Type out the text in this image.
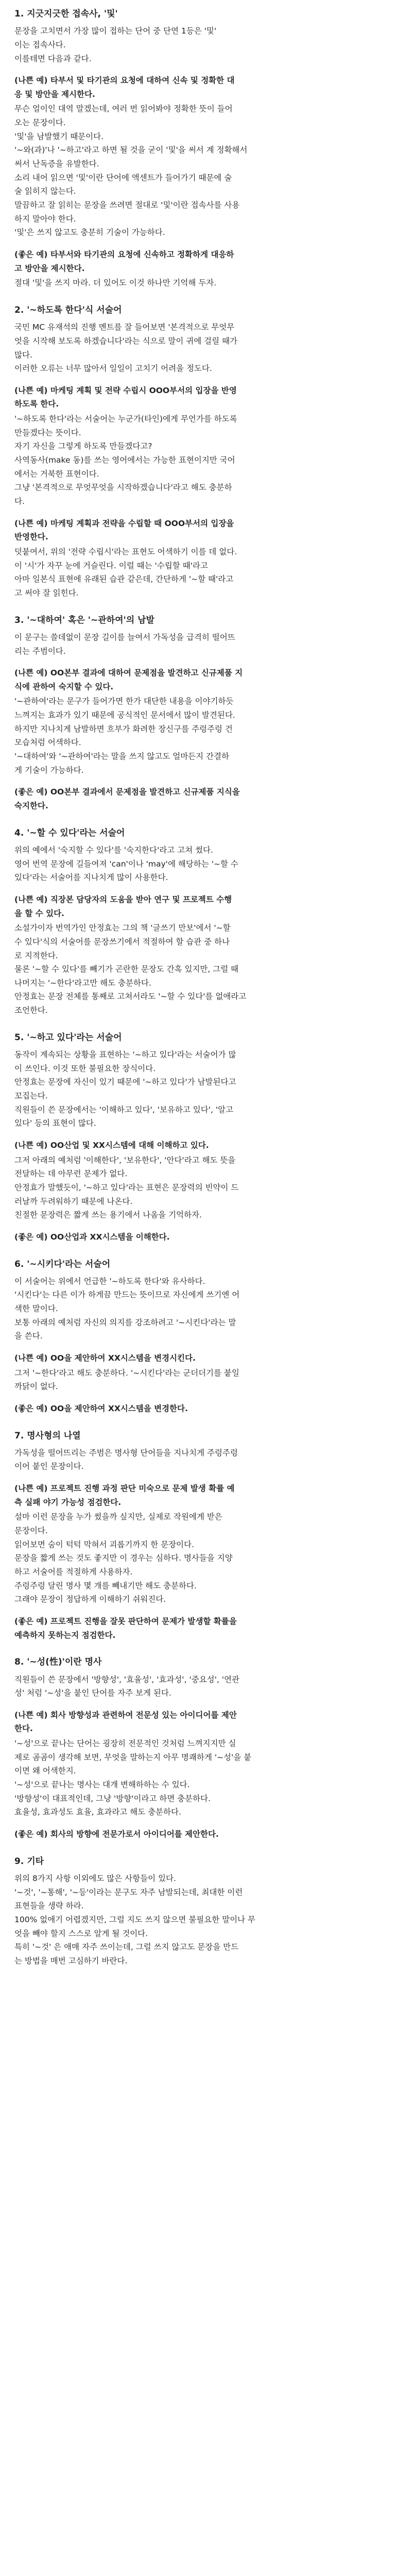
1. 지긋지긋한 접속사, '및'
문장을 고치면서 가장 많이 접하는 단어 중 단연 1등은 '및'
이는 접속사다.
이를테면 다음과 같다.
(나쁜 예) 타부서 및 타기관의 요청에 대하여 신속 및 정확한 대
응 및 방안을 제시한다.
무슨 얼이인 대역 말겠는데, 여러 번 읽어봐야 정확한 뜻이 들어
오는 문장이다.
'및'을 남발했기 때문이다.
'~와(과)'나 '~하고'라고 하면 될 것을 굳이 '및'을 써서 계 정확해서
써서 난독증을 유발한다.
소리 내어 읽으면 '및'이란 단어에 액센트가 들어가기 때문에 술
술 읽히지 않는다.
말끔하고 잘 읽히는 문장을 쓰려면 절대로 '및'이란 접속사를 사용
하지 말아야 한다.
'및'은 쓰지 않고도 충분히 기술이 가능하다.
(좋은 예) 타부서와 타기관의 요청에 신속하고 정확하게 대응하
고 방안을 제시한다.
절대 '및'을 쓰지 마라. 더 있어도 이것 하나만 기억해 두자.
2. '~하도록 한다'식 서술어
국민 MC 유재석의 진행 멘트를 잘 들어보면 '본격적으로 무엇무
엇을 시작해 보도록 하겠습니다'라는 식으로 말이 귀에 걸릴 때가
많다.
이러한 오류는 너무 많아서 일일이 고치기 어려울 정도다.
(나쁜 예) 마케팅 계획 및 전략 수립시 OOO부서의 입장을 반영
하도록 한다.
'~하도록 한다'라는 서술어는 누군가(타인)에게 무언가를 하도록
만들겠다는 뜻이다.
자기 자신을 그렇게 하도록 만들겠다고?
사역동사(make 동)를 쓰는 영어에서는 가능한 표현이지만 국어
에서는 거북한 표현이다.
그냥 '본격적으로 무엇무엇을 시작하겠습니다'라고 해도 충분하
다.
(나쁜 예) 마케팅 계획과 전략을 수립할 때 OOO부서의 입장을
반영한다.
덧붙여서, 위의 '전략 수립시'라는 표현도 어색하기 이를 데 없다.
이 '시'가 자꾸 눈에 거슬린다. 이럴 때는 '수립할 때'라고
아마 일본식 표현에 유래된 습관 같은데, 간단하게 '~할 때'라고
고 써야 잘 읽힌다.
3. '~대하여' 혹은 '~관하여'의 남발
이 문구는 쓸데없이 문장 길이를 늘여서 가독성을 급격히 떨어뜨
리는 주범이다.
(나쁜 예) OO본부 결과에 대하여 문제점을 발견하고 신규제품 지
식에 관하여 숙지할 수 있다.
'~관하여'라는 문구가 들어가면 한가 대단한 내용을 이야기하듯
느껴지는 효과가 있기 때문에 공식적인 문서에서 많이 발견된다.
하지만 지나치게 남발하면 흐부가 화려한 장신구를 주렁주렁 건
모습처럼 어색하다.
'~대하여'와 '~관하여'라는 말을 쓰지 않고도 얼마든지 간결하
게 기술이 가능하다.
(좋은 예) OO본부 결과에서 문제점을 발견하고 신규제품 지식을
숙지한다.
4. '~할 수 있다'라는 서술어
위의 예에서 '숙지할 수 있다'를 '숙지한다'라고 고쳐 썼다.
영어 번역 문장에 길들여져 'can'이나 'may'에 해당하는 '~할 수
있다'라는 서술어를 지나치게 많이 사용한다.
(나쁜 예) 직장본 담당자의 도움을 받아 연구 및 프로젝트 수행
을 할 수 있다.
소설가이자 번역가인 안정효는 그의 책 '글쓰기 만보'에서 '~할
수 있다'식의 서술어를 문장쓰기에서 적절하여 할 습관 중 하나
로 지적한다.
물론 '~할 수 있다'를 빼기가 곤란한 문장도 간혹 있지만, 그럴 때
나머지는 '~한다'라고만 해도 충분하다.
안정효는 문장 전체를 통째로 고쳐서라도 '~할 수 있다'를 없애라고
조언한다.
5. '~하고 있다'라는 서술어
동작이 계속되는 상황을 표현하는 '~하고 있다'라는 서술어가 많
이 쓰인다. 이것 또한 불필요한 장식이다.
안정효는 문장에 자신이 있기 때문에 '~하고 있다'가 남발된다고
꼬집는다.
직원들이 쓴 문장에서는 '이해하고 있다', '보유하고 있다', '알고
있다' 등의 표현이 많다.
(나쁜 예) OO산업 및 XX시스템에 대해 이해하고 있다.
그저 아래의 예처럼 '이해한다', '보유한다', '안다'라고 해도 뜻을
전달하는 데 아무런 문제가 없다.
안정효가 말했듯이, '~하고 있다'라는 표현은 문장력의 빈약이 드
러날까 두려워하기 때문에 나온다.
친절한 문장력은 짧게 쓰는 용기에서 나옴을 기억하자.
(좋은 예) OO산업과 XX시스템을 이해한다.
6. '~시키다'라는 서술어
이 서술어는 위에서 언급한 '~하도록 한다'와 유사하다.
'시킨다'는 다른 이가 하게끔 만드는 뜻이므로 자신에게 쓰기엔 어
색한 말이다.
보통 아래의 예처럼 자신의 의지를 강조하려고 '~시킨다'라는 말
을 쓴다.
(나쁜 예) OO을 제안하여 XX시스템을 변경시킨다.
그저 '~한다'라고 해도 충분하다. '~시킨다'라는 군더더기를 붙일
까닭이 없다.
(좋은 예) OO을 제안하여 XX시스템을 변경한다.
7. 명사형의 나열
가독성을 떨어뜨리는 주범은 명사형 단어들을 지나치게 주렁주렁
이어 붙인 문장이다.
(나쁜 예) 프로젝트 진행 과정 판단 미숙으로 문제 발생 확률 예
측 실패 야기 가능성 점검한다.
설마 이런 문장을 누가 썼을까 싶지만, 실제로 작원에게 받은
문장이다.
읽어보면 숨이 턱턱 막혀서 괴롭기까지 한 문장이다.
문장을 짧게 쓰는 것도 좋지만 이 경우는 심하다. 명사들을 지양
하고 서술어를 적절하게 사용하자.
주렁주렁 달린 명사 몇 개를 빼내기만 해도 충분하다.
그래야 문장이 정답하게 이해하기 쉬워진다.
(좋은 예) 프로젝트 진행을 잘못 판단하여 문제가 발생할 확률을
예측하지 못하는지 점검한다.
8. '~성(性)'이란 명사
직원들이 쓴 문장에서 '방향성', '효율성', '효과성', '중요성', '연관
성' 처럼 '~성'을 붙인 단어를 자주 보게 된다.
(나쁜 예) 회사 방향성과 관련하여 전문성 있는 아이디어를 제안
한다.
'~성'으로 끝나는 단어는 굉장히 전문적인 것처럼 느껴지지만 실
제로 곰곰이 생각해 보면, 무엇을 말하는지 아무 명쾌하게 '~성'을 붙
이면 왜 어색한지.
'~성'으로 끝나는 명사는 대개 변해하하는 수 있다.
'방향성'이 대표적인데, 그냥 '방향'이라고 하면 충분하다.
효율성, 효과성도 효율, 효과라고 해도 충분하다.
(좋은 예) 회사의 방향에 전문가로서 아이디어를 제안한다.
9. 기타
위의 8가지 사항 이외에도 많은 사항들이 있다.
'~것', '~통해', '~등'이라는 문구도 자주 남발되는데, 최대한 이런
표현들을 생략 하라.
100% 없애기 어렵겠지만, 그럴 지도 쓰지 않으면 불필요한 말이나 무
엇을 빼야 할지 스스로 알게 될 것이다.
특히 '~것' 은 애매 자주 쓰이는데, 그럴 쓰지 않고도 문장을 만드
는 방법을 매번 고심하기 바란다.
